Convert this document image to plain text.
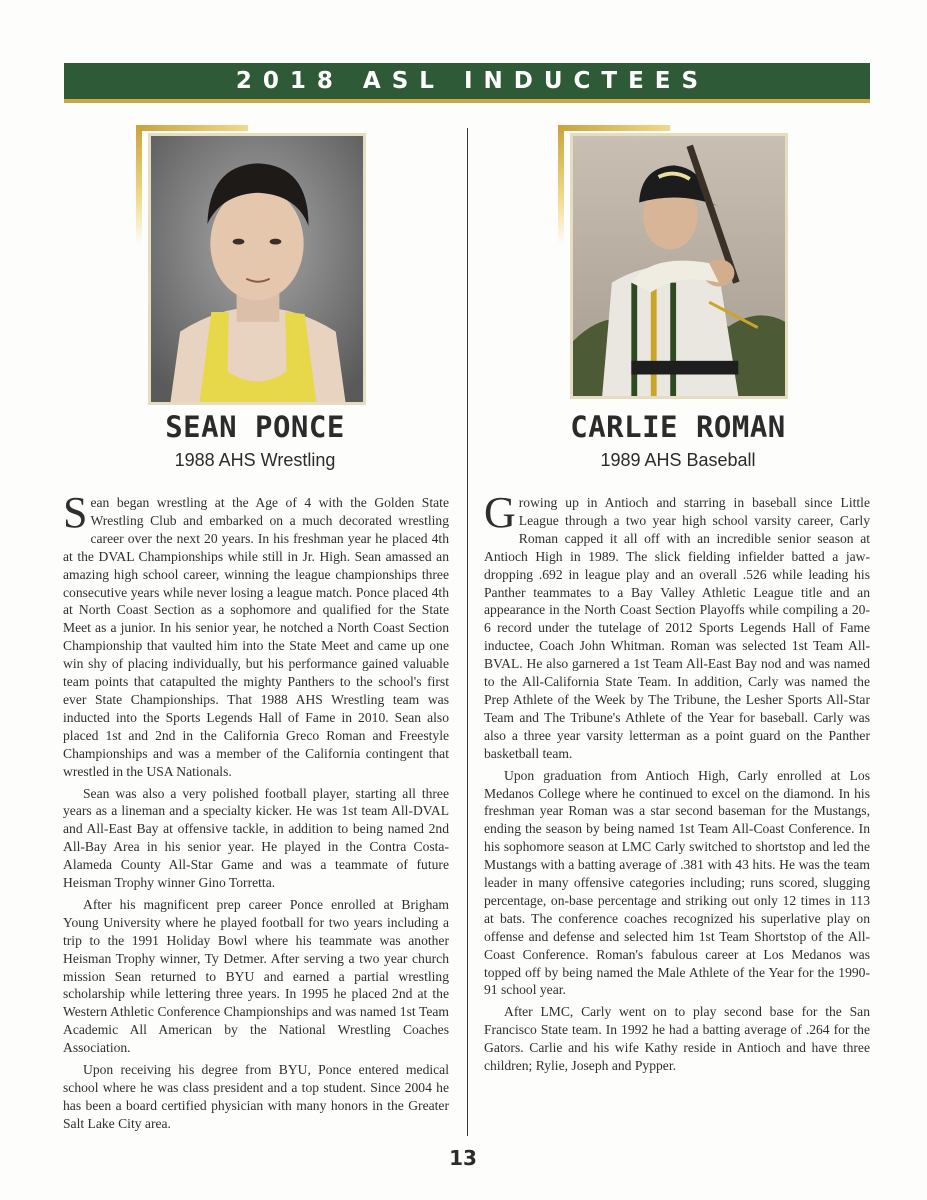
2018 ASL INDUCTEES
SEAN PONCE
1988 AHS Wrestling
CARLIE ROMAN
1989 AHS Baseball

Sean began wrestling at the Age of 4 with the Golden State Wrestling Club and embarked on a much decorated wrestling career over the next 20 years. In his freshman year he placed 4th at the DVAL Championships while still in Jr. High. Sean amassed an amazing high school career, winning the league championships three consecutive years while never losing a league match. Ponce placed 4th at North Coast Section as a sophomore and qualified for the State Meet as a junior. In his senior year, he notched a North Coast Section Championship that vaulted him into the State Meet and came up one win shy of placing individually, but his performance gained valuable team points that catapulted the mighty Panthers to the school's first ever State Championships. That 1988 AHS Wrestling team was inducted into the Sports Legends Hall of Fame in 2010. Sean also placed 1st and 2nd in the California Greco Roman and Freestyle Championships and was a member of the California contingent that wrestled in the USA Nationals.

Sean was also a very polished football player, starting all three years as a lineman and a specialty kicker. He was 1st team All-DVAL and All-East Bay at offensive tackle, in addition to being named 2nd All-Bay Area in his senior year. He played in the Contra Costa-Alameda County All-Star Game and was a teammate of future Heisman Trophy winner Gino Torretta.

After his magnificent prep career Ponce enrolled at Brigham Young University where he played football for two years including a trip to the 1991 Holiday Bowl where his teammate was another Heisman Trophy winner, Ty Detmer. After serving a two year church mission Sean returned to BYU and earned a partial wrestling scholarship while lettering three years. In 1995 he placed 2nd at the Western Athletic Conference Championships and was named 1st Team Academic All American by the National Wrestling Coaches Association.

Upon receiving his degree from BYU, Ponce entered medical school where he was class president and a top student. Since 2004 he has been a board certified physician with many honors in the Greater Salt Lake City area.

Growing up in Antioch and starring in baseball since Little League through a two year high school varsity career, Carly Roman capped it all off with an incredible senior season at Antioch High in 1989. The slick fielding infielder batted a jaw-dropping .692 in league play and an overall .526 while leading his Panther teammates to a Bay Valley Athletic League title and an appearance in the North Coast Section Playoffs while compiling a 20-6 record under the tutelage of 2012 Sports Legends Hall of Fame inductee, Coach John Whitman. Roman was selected 1st Team All-BVAL. He also garnered a 1st Team All-East Bay nod and was named to the All-California State Team. In addition, Carly was named the Prep Athlete of the Week by The Tribune, the Lesher Sports All-Star Team and The Tribune's Athlete of the Year for baseball. Carly was also a three year varsity letterman as a point guard on the Panther basketball team.

Upon graduation from Antioch High, Carly enrolled at Los Medanos College where he continued to excel on the diamond. In his freshman year Roman was a star second baseman for the Mustangs, ending the season by being named 1st Team All-Coast Conference. In his sophomore season at LMC Carly switched to shortstop and led the Mustangs with a batting average of .381 with 43 hits. He was the team leader in many offensive categories including; runs scored, slugging percentage, on-base percentage and striking out only 12 times in 113 at bats. The conference coaches recognized his superlative play on offense and defense and selected him 1st Team Shortstop of the All-Coast Conference. Roman's fabulous career at Los Medanos was topped off by being named the Male Athlete of the Year for the 1990-91 school year.

After LMC, Carly went on to play second base for the San Francisco State team. In 1992 he had a batting average of .264 for the Gators. Carlie and his wife Kathy reside in Antioch and have three children; Rylie, Joseph and Pypper.

13
